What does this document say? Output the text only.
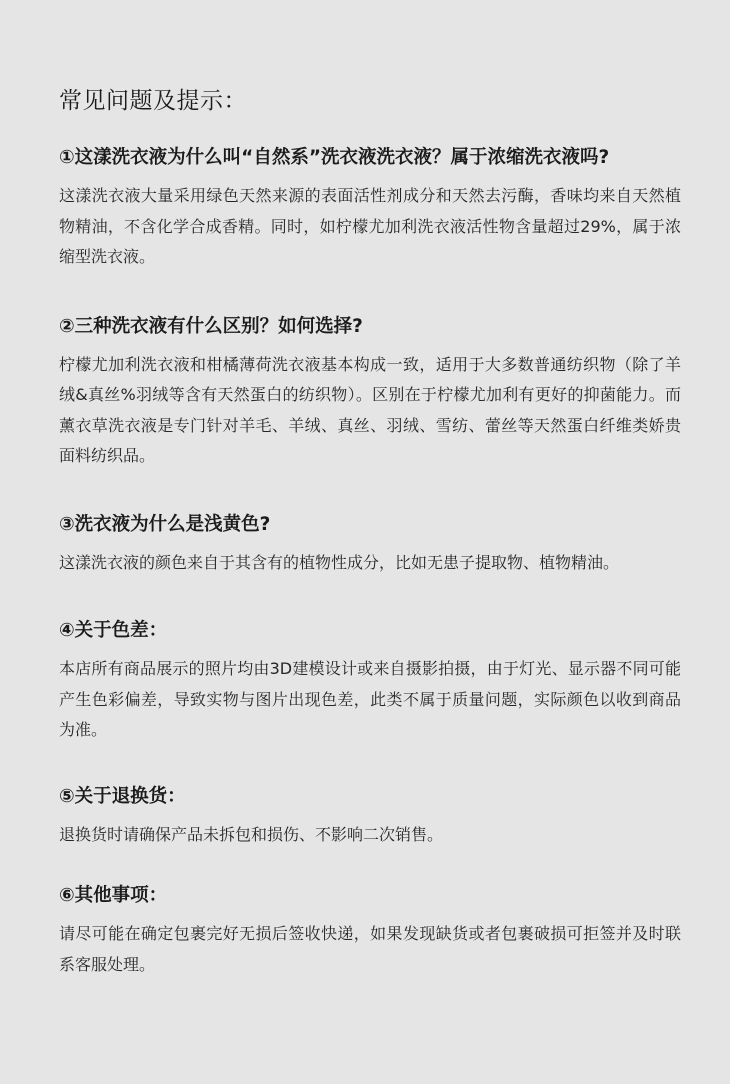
常见问题及提示：
①这漾洗衣液为什么叫“自然系”洗衣液洗衣液？属于浓缩洗衣液吗?

这漾洗衣液大量采用绿色天然来源的表面活性剂成分和天然去污酶，香味均来自天然植物精油，不含化学合成香精。同时，如柠檬尤加利洗衣液活性物含量超过29%，属于浓缩型洗衣液。

②三种洗衣液有什么区别？如何选择?

柠檬尤加利洗衣液和柑橘薄荷洗衣液基本构成一致，适用于大多数普通纺织物（除了羊绒&真丝%羽绒等含有天然蛋白的纺织物）。区别在于柠檬尤加利有更好的抑菌能力。而薰衣草洗衣液是专门针对羊毛、羊绒、真丝、羽绒、雪纺、蕾丝等天然蛋白纤维类娇贵面料纺织品。

③洗衣液为什么是浅黄色?

这漾洗衣液的颜色来自于其含有的植物性成分，比如无患子提取物、植物精油。

④关于色差：

本店所有商品展示的照片均由3D建模设计或来自摄影拍摄，由于灯光、显示器不同可能产生色彩偏差，导致实物与图片出现色差，此类不属于质量问题，实际颜色以收到商品为准。

⑤关于退换货：

退换货时请确保产品未拆包和损伤、不影响二次销售。

⑥其他事项：

请尽可能在确定包裹完好无损后签收快递，如果发现缺货或者包裹破损可拒签并及时联系客服处理。
